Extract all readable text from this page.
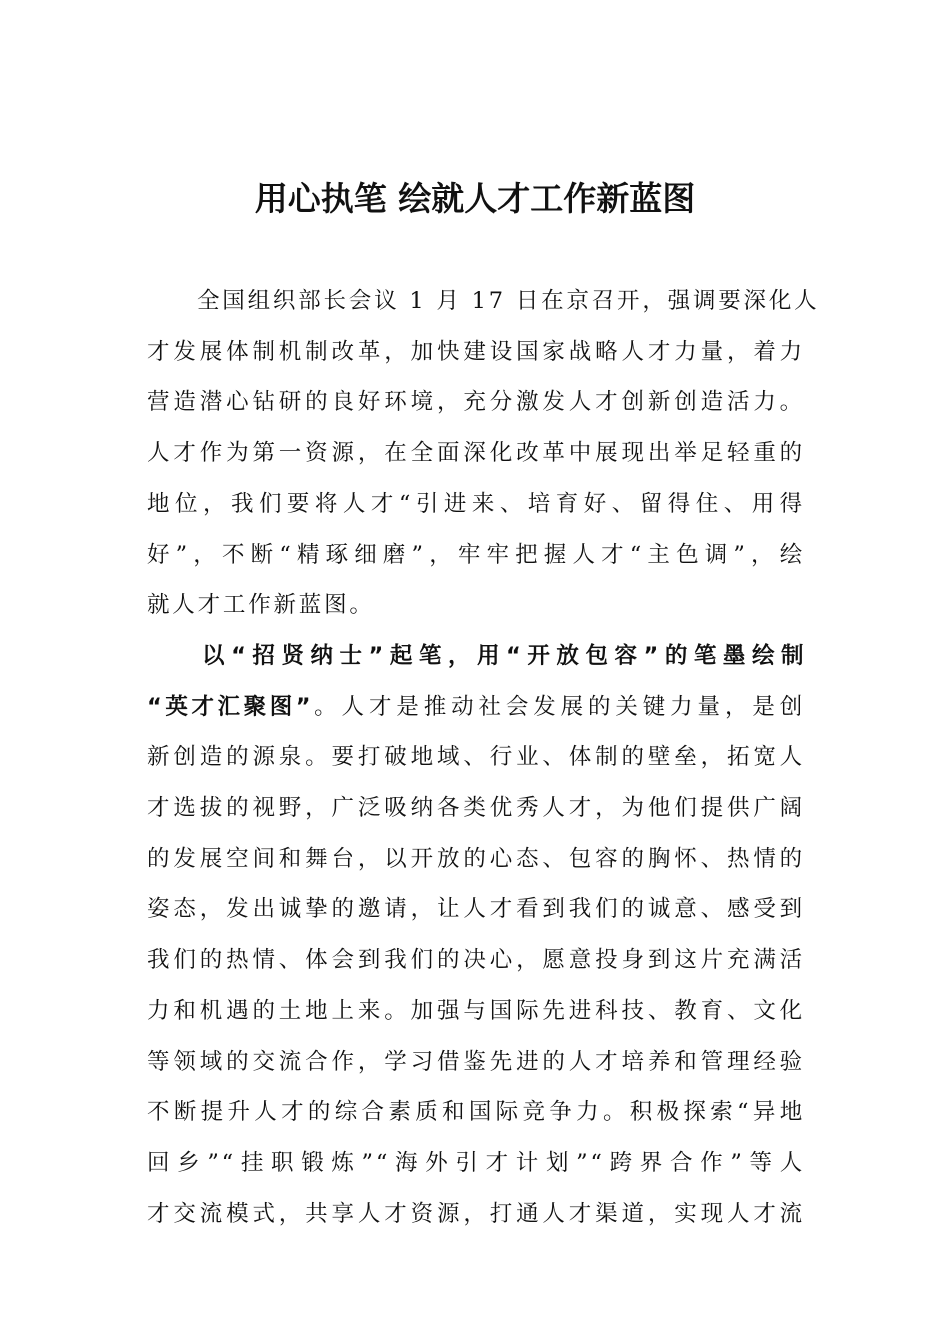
用心执笔 绘就人才工作新蓝图

全国组织部长会议 1 月 17 日在京召开，强调要深化人
才发展体制机制改革，加快建设国家战略人才力量，着力
营造潜心钻研的良好环境，充分激发人才创新创造活力。
人才作为第一资源，在全面深化改革中展现出举足轻重的
地位，我们要将人才“引进来、培育好、留得住、用得
好”，不断“精琢细磨”，牢牢把握人才“主色调”，绘
就人才工作新蓝图。

以“招贤纳士”起笔，用“开放包容”的笔墨绘制
“英才汇聚图”。人才是推动社会发展的关键力量，是创
新创造的源泉。要打破地域、行业、体制的壁垒，拓宽人
才选拔的视野，广泛吸纳各类优秀人才，为他们提供广阔
的发展空间和舞台，以开放的心态、包容的胸怀、热情的
姿态，发出诚挚的邀请，让人才看到我们的诚意、感受到
我们的热情、体会到我们的决心，愿意投身到这片充满活
力和机遇的土地上来。加强与国际先进科技、教育、文化
等领域的交流合作，学习借鉴先进的人才培养和管理经验
不断提升人才的综合素质和国际竞争力。积极探索“异地
回乡”“挂职锻炼”“海外引才计划”“跨界合作”等人
才交流模式，共享人才资源，打通人才渠道，实现人才流
